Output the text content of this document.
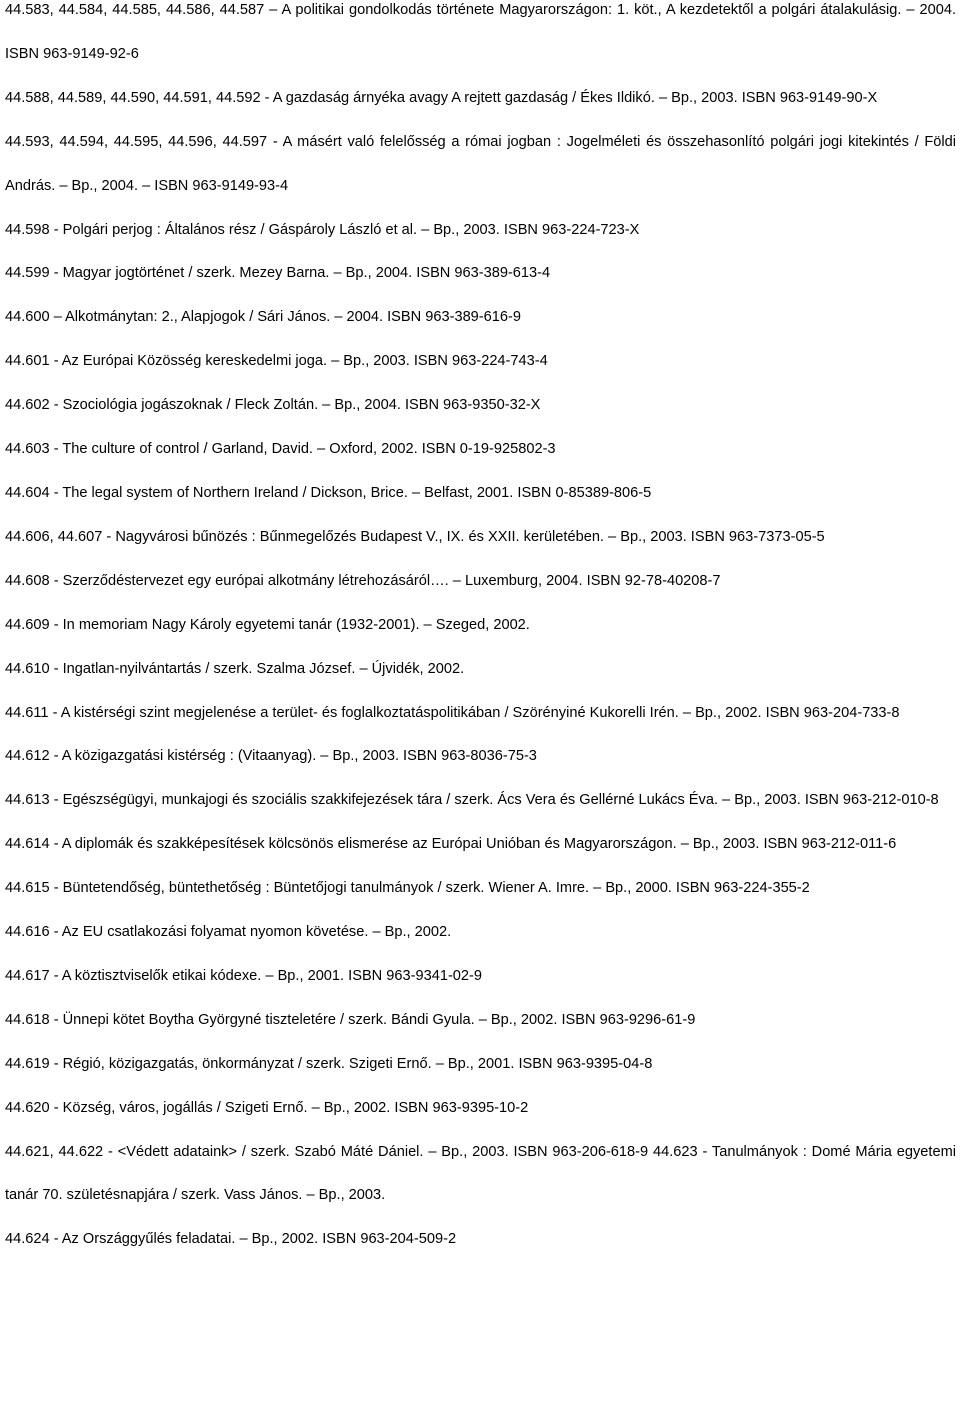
44.583, 44.584, 44.585, 44.586, 44.587 – A politikai gondolkodás története Magyarországon: 1. köt., A kezdetektől a polgári átalakulásig. – 2004. ISBN 963-9149-92-6

44.588, 44.589, 44.590, 44.591, 44.592 - A gazdaság árnyéka avagy A rejtett gazdaság / Ékes Ildikó. – Bp., 2003. ISBN 963-9149-90-X

44.593, 44.594, 44.595, 44.596, 44.597 - A másért való felelősség a római jogban : Jogelméleti és összehasonlító polgári jogi kitekintés / Földi András. – Bp., 2004. – ISBN 963-9149-93-4

44.598 - Polgári perjog : Általános rész / Gáspároly László et al. – Bp., 2003. ISBN 963-224-723-X

44.599 - Magyar jogtörténet / szerk. Mezey Barna. – Bp., 2004. ISBN 963-389-613-4

44.600 – Alkotmánytan: 2., Alapjogok / Sári János. – 2004. ISBN 963-389-616-9

44.601 - Az Európai Közösség kereskedelmi joga. – Bp., 2003. ISBN 963-224-743-4

44.602 - Szociológia jogászoknak / Fleck Zoltán. – Bp., 2004. ISBN 963-9350-32-X

44.603 - The culture of control / Garland, David. – Oxford, 2002. ISBN 0-19-925802-3

44.604 - The legal system of Northern Ireland / Dickson, Brice. – Belfast, 2001. ISBN 0-85389-806-5

44.606, 44.607 - Nagyvárosi bűnözés : Bűnmegelőzés Budapest V., IX. és XXII. kerületében. – Bp., 2003. ISBN 963-7373-05-5

44.608 - Szerződéstervezet egy európai alkotmány létrehozásáról…. – Luxemburg, 2004. ISBN 92-78-40208-7

44.609 - In memoriam Nagy Károly egyetemi tanár (1932-2001). – Szeged, 2002.

44.610 - Ingatlan-nyilvántartás / szerk. Szalma József. – Újvidék, 2002.

44.611 - A kistérségi szint megjelenése a terület- és foglalkoztatáspolitikában / Szörényiné Kukorelli Irén. – Bp., 2002. ISBN 963-204-733-8

44.612 - A közigazgatási kistérség : (Vitaanyag). – Bp., 2003. ISBN 963-8036-75-3

44.613 - Egészségügyi, munkajogi és szociális szakkifejezések tára / szerk. Ács Vera és Gellérné Lukács Éva. – Bp., 2003. ISBN 963-212-010-8

44.614 - A diplomák és szakképesítések kölcsönös elismerése az Európai Unióban és Magyarországon. – Bp., 2003. ISBN 963-212-011-6

44.615 - Büntetendőség, büntethetőség : Büntetőjogi tanulmányok / szerk. Wiener A. Imre. – Bp., 2000. ISBN 963-224-355-2

44.616 - Az EU csatlakozási folyamat nyomon követése. – Bp., 2002.

44.617 - A köztisztviselők etikai kódexe. – Bp., 2001. ISBN 963-9341-02-9

44.618 - Ünnepi kötet Boytha Györgyné tiszteletére / szerk. Bándi Gyula. – Bp., 2002. ISBN 963-9296-61-9

44.619 - Régió, közigazgatás, önkormányzat / szerk. Szigeti Ernő. – Bp., 2001. ISBN 963-9395-04-8

44.620 - Község, város, jogállás / Szigeti Ernő. – Bp., 2002. ISBN 963-9395-10-2

44.621, 44.622 - <Védett adataink> / szerk. Szabó Máté Dániel. – Bp., 2003. ISBN 963-206-618-9 44.623 - Tanulmányok : Domé Mária egyetemi tanár 70. születésnapjára / szerk. Vass János. – Bp., 2003.

44.624 - Az Országgyűlés feladatai. – Bp., 2002. ISBN 963-204-509-2
